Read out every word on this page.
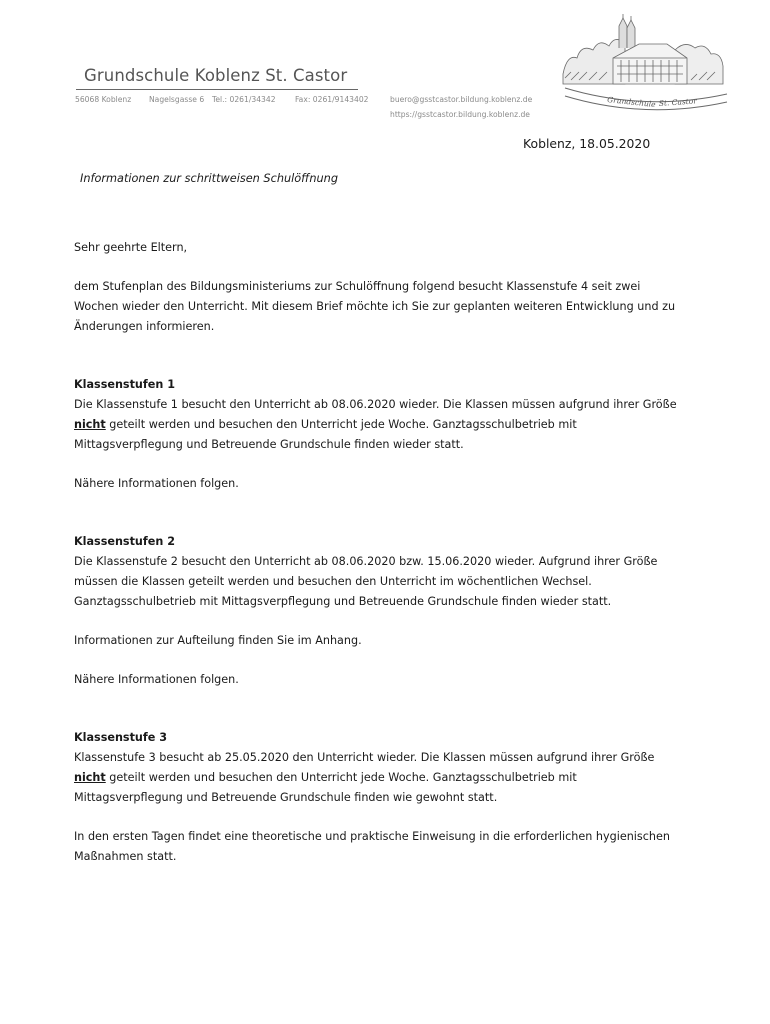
Grundschule Koblenz St. Castor
56068 Koblenz Nagelsgasse 6 Tel.: 0261/34342	Fax: 0261/9143402	buero@gsstcastor.bildung.koblenz.de
https://gsstcastor.bildung.koblenz.de
Grundschule St. Castor
Koblenz, 18.05.2020
Informationen zur schrittweisen Schulöffnung
Sehr geehrte Eltern,
dem Stufenplan des Bildungsministeriums zur Schulöffnung folgend besucht Klassenstufe 4 seit zwei
Wochen wieder den Unterricht. Mit diesem Brief möchte ich Sie zur geplanten weiteren Entwicklung und zu
Änderungen informieren.
Klassenstufen 1
Die Klassenstufe 1 besucht den Unterricht ab 08.06.2020 wieder. Die Klassen müssen aufgrund ihrer Größe
nicht geteilt werden und besuchen den Unterricht jede Woche. Ganztagsschulbetrieb mit
Mittagsverpflegung und Betreuende Grundschule finden wieder statt.
Nähere Informationen folgen.
Klassenstufen 2
Die Klassenstufe 2 besucht den Unterricht ab 08.06.2020 bzw. 15.06.2020 wieder. Aufgrund ihrer Größe
müssen die Klassen geteilt werden und besuchen den Unterricht im wöchentlichen Wechsel.
Ganztagsschulbetrieb mit Mittagsverpflegung und Betreuende Grundschule finden wieder statt.
Informationen zur Aufteilung finden Sie im Anhang.
Nähere Informationen folgen.
Klassenstufe 3
Klassenstufe 3 besucht ab 25.05.2020 den Unterricht wieder. Die Klassen müssen aufgrund ihrer Größe
nicht geteilt werden und besuchen den Unterricht jede Woche. Ganztagsschulbetrieb mit
Mittagsverpflegung und Betreuende Grundschule finden wie gewohnt statt.
In den ersten Tagen findet eine theoretische und praktische Einweisung in die erforderlichen hygienischen
Maßnahmen statt.
